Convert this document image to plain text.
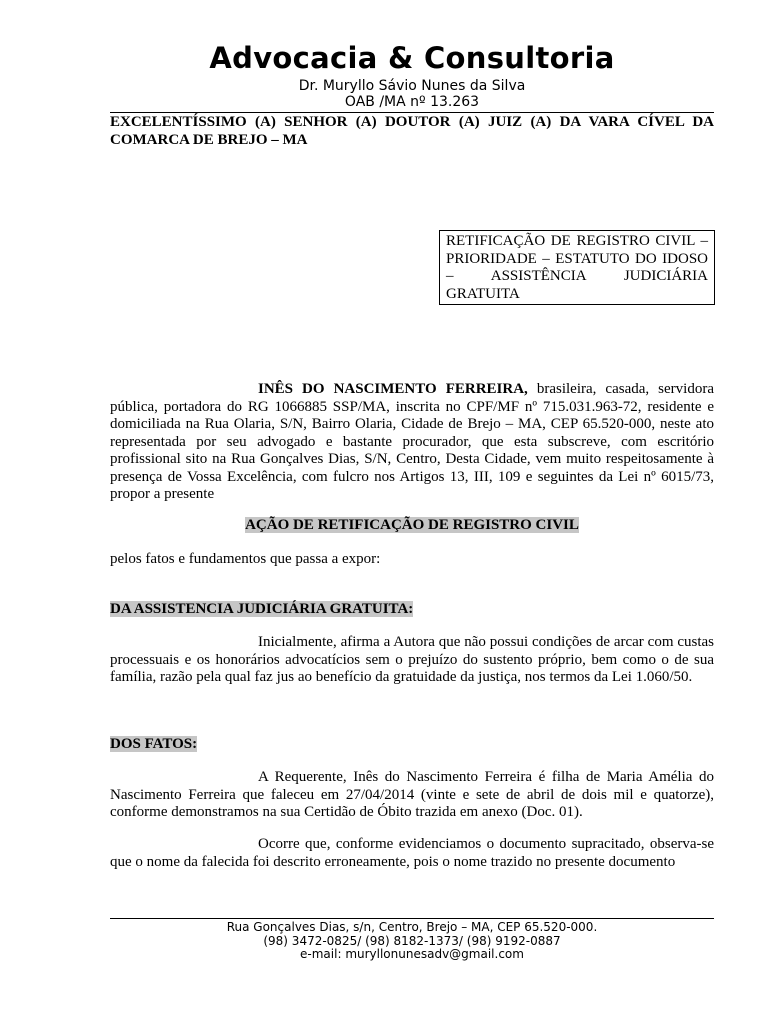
Advocacia & Consultoria
Dr. Muryllo Sávio Nunes da Silva
OAB /MA nº 13.263
EXCELENTÍSSIMO (A) SENHOR (A) DOUTOR (A) JUIZ (A) DA VARA CÍVEL DA COMARCA DE BREJO – MA
RETIFICAÇÃO DE REGISTRO CIVIL – PRIORIDADE – ESTATUTO DO IDOSO – ASSISTÊNCIA JUDICIÁRIA GRATUITA
INÊS DO NASCIMENTO FERREIRA, brasileira, casada, servidora pública, portadora do RG 1066885 SSP/MA, inscrita no CPF/MF nº 715.031.963-72, residente e domiciliada na Rua Olaria, S/N, Bairro Olaria, Cidade de Brejo – MA, CEP 65.520-000, neste ato representada por seu advogado e bastante procurador, que esta subscreve, com escritório profissional sito na Rua Gonçalves Dias, S/N, Centro, Desta Cidade, vem muito respeitosamente à presença de Vossa Excelência, com fulcro nos Artigos 13, III, 109 e seguintes da Lei nº 6015/73, propor a presente
AÇÃO DE RETIFICAÇÃO DE REGISTRO CIVIL
pelos fatos e fundamentos que passa a expor:
DA ASSISTENCIA JUDICIÁRIA GRATUITA:
Inicialmente, afirma a Autora que não possui condições de arcar com custas processuais e os honorários advocatícios sem o prejuízo do sustento próprio, bem como o de sua família, razão pela qual faz jus ao benefício da gratuidade da justiça, nos termos da Lei 1.060/50.
DOS FATOS:
A Requerente, Inês do Nascimento Ferreira é filha de Maria Amélia do Nascimento Ferreira que faleceu em 27/04/2014 (vinte e sete de abril de dois mil e quatorze), conforme demonstramos na sua Certidão de Óbito trazida em anexo (Doc. 01).
Ocorre que, conforme evidenciamos o documento supracitado, observa-se que o nome da falecida foi descrito erroneamente, pois o nome trazido no presente documento
Rua Gonçalves Dias, s/n, Centro, Brejo – MA, CEP 65.520-000.
(98) 3472-0825/ (98) 8182-1373/ (98) 9192-0887
e-mail: muryllonunesadv@gmail.com
